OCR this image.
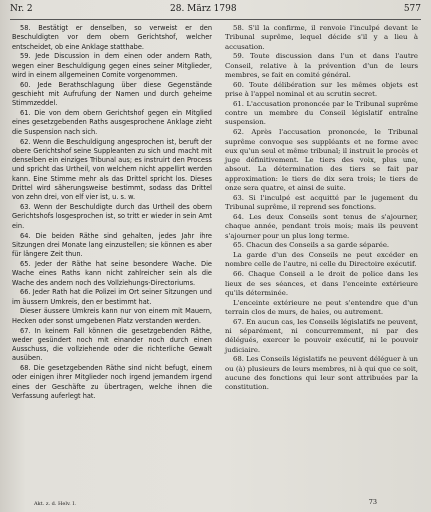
Nr. 2	28. März 1798	577

58. Bestätigt er denselben, so verweist er den Beschuldigten vor dem obern Gerichtshof, welcher entscheidet, ob eine Anklage statthabe.

59. Jede Discussion in dem einen oder andern Rath, wegen einer Beschuldigung gegen eines seiner Mitglieder, wird in einem allgemeinen Comite vorgenommen.

60. Jede Berathschlagung über diese Gegenstände geschieht mit Aufrufung der Namen und durch geheime Stimmzeddel.

61. Die von dem obern Gerichtshof gegen ein Mitglied eines gesetzgebenden Raths ausgesprochene Anklage zieht die Suspension nach sich.

62. Wenn die Beschuldigung angesprochen ist, beruft der obere Gerichtshof seine Suppleanten zu sich und macht mit denselben ein einziges Tribunal aus; es instruirt den Process und spricht das Urtheil, von welchem nicht appellirt werden kann. Eine Stimme mehr als das Drittel spricht los. Dieses Drittel wird säherungsweise bestimmt, sodass das Drittel von zehn drei, von elf vier ist, u. s. w.

63. Wenn der Beschuldigte durch das Urtheil des obern Gerichtshofs losgesprochen ist, so tritt er wieder in sein Amt ein.

64. Die beiden Räthe sind gehalten, jedes Jahr ihre Sitzungen drei Monate lang einzustellen; sie können es aber für längere Zeit thun.

65. Jeder der Räthe hat seine besondere Wache. Die Wache eines Raths kann nicht zahlreicher sein als die Wache des andern noch des Vollziehungs-Directoriums.

66. Jeder Rath hat die Polizei im Ort seiner Sitzungen und im äussern Umkreis, den er bestimmt hat.

Dieser äussere Umkreis kann nur von einem mit Mauern, Hecken oder sonst umgebenen Platz verstanden werden.

67. In keinem Fall können die gesetzgebenden Räthe, weder gesündert noch mit einander noch durch einen Ausschuss, die vollziehende oder die richterliche Gewalt ausüben.

68. Die gesetzgebenden Räthe sind nicht befugt, einem oder einigen ihrer Mitglieder noch irgend jemandem irgend eines der Geschäfte zu übertragen, welche ihnen die Verfassung auferlegt hat.

58. S'il la confirme, il renvoie l'inculpé devant le Tribunal suprême, lequel décide s'il y a lieu à accusation.

59. Toute discussion dans l'un et dans l'autre Conseil, relative à la prévention d'un de leurs membres, se fait en comité général.

60. Toute délibération sur les mêmes objets est prise à l'appel nominal et au scrutin secret.

61. L'accusation prononcée par le Tribunal suprême contre un membre du Conseil législatif entraîne suspension.

62. Après l'accusation prononcée, le Tribunal suprême convoque ses suppléants et ne forme avec eux qu'un seul et même tribunal; il instruit le procès et juge définitivement. Le tiers des voix, plus une, absout. La détermination des tiers se fait par approximation: le tiers de dix sera trois; le tiers de onze sera quatre, et ainsi de suite.

63. Si l'inculpé est acquitté par le jugement du Tribunal suprême, il reprend ses fonctions.

64. Les deux Conseils sont tenus de s'ajourner, chaque année, pendant trois mois; mais ils peuvent s'ajourner pour un plus long terme.

65. Chacun des Conseils a sa garde séparée.

La garde d'un des Conseils ne peut excéder en nombre celle de l'autre, ni celle du Directoire exécutif.

66. Chaque Conseil a le droit de police dans les lieux de ses séances, et dans l'enceinte extérieure qu'ils déterminée.

L'enceinte extérieure ne peut s'entendre que d'un terrain clos de murs, de haies, ou autrement.

67. En aucun cas, les Conseils législatifs ne peuvent, ni séparément, ni concurremment, ni par des délégués, exercer le pouvoir exécutif, ni le pouvoir judiciaire.

68. Les Conseils législatifs ne peuvent déléguer à un ou (à) plusieurs de leurs membres, ni à qui que ce soit, aucune des fonctions qui leur sont attribuées par la constitution.

Akt. z. d. Helv. I.	73
